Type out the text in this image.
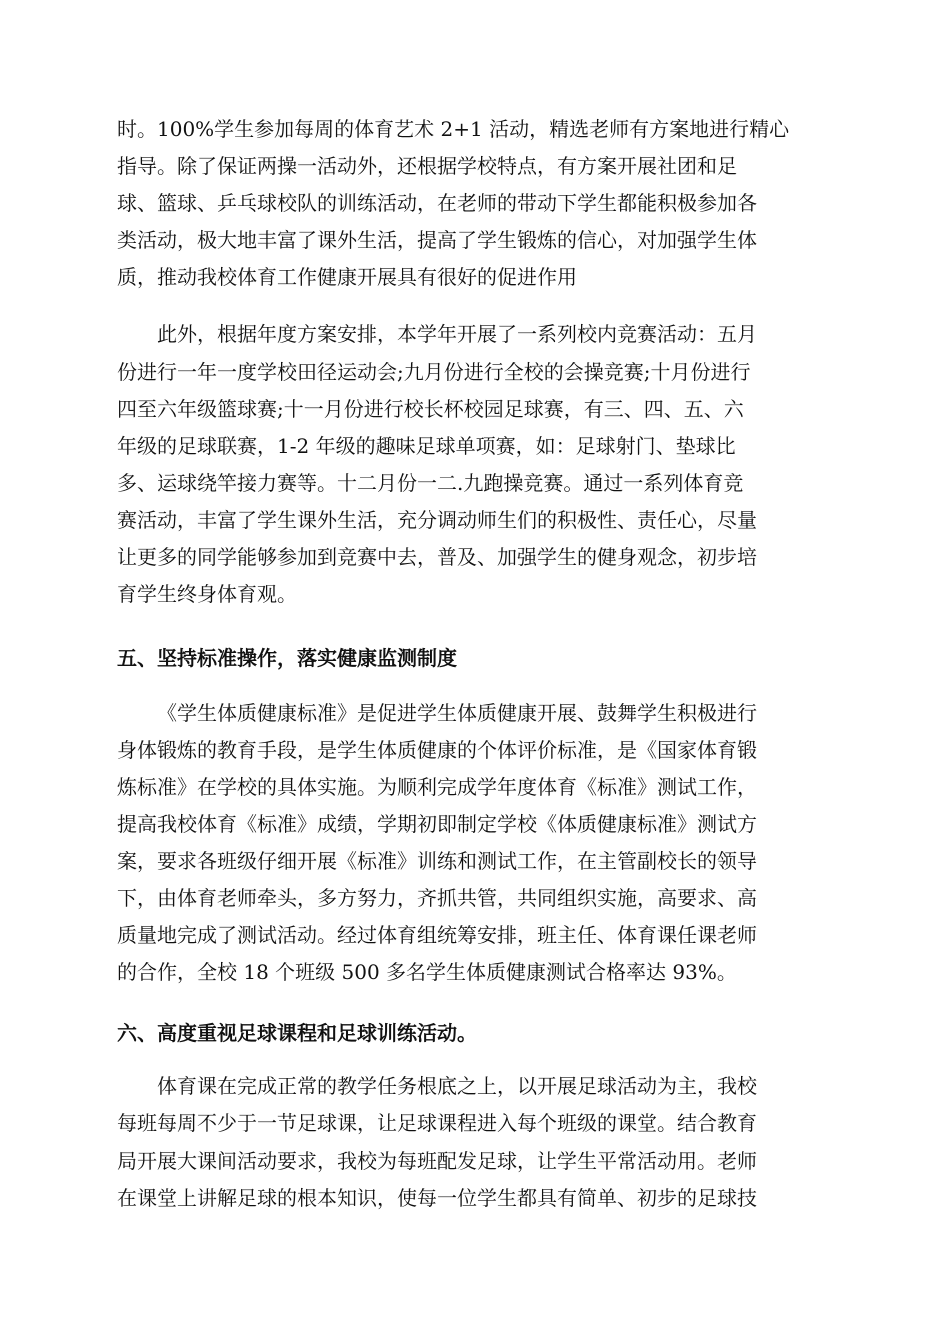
时。100%学生参加每周的体育艺术 2+1 活动，精选老师有方案地进行精心
指导。除了保证两操一活动外，还根据学校特点，有方案开展社团和足
球、篮球、乒乓球校队的训练活动，在老师的带动下学生都能积极参加各
类活动，极大地丰富了课外生活，提高了学生锻炼的信心，对加强学生体
质，推动我校体育工作健康开展具有很好的促进作用
此外，根据年度方案安排，本学年开展了一系列校内竞赛活动：五月
份进行一年一度学校田径运动会;九月份进行全校的会操竞赛;十月份进行
四至六年级篮球赛;十一月份进行校长杯校园足球赛，有三、四、五、六
年级的足球联赛，1-2 年级的趣味足球单项赛，如：足球射门、垫球比
多、运球绕竿接力赛等。十二月份一二.九跑操竞赛。通过一系列体育竞
赛活动，丰富了学生课外生活，充分调动师生们的积极性、责任心，尽量
让更多的同学能够参加到竞赛中去，普及、加强学生的健身观念，初步培
育学生终身体育观。
五、坚持标准操作，落实健康监测制度
《学生体质健康标准》是促进学生体质健康开展、鼓舞学生积极进行
身体锻炼的教育手段，是学生体质健康的个体评价标准，是《国家体育锻
炼标准》在学校的具体实施。为顺利完成学年度体育《标准》测试工作，
提高我校体育《标准》成绩，学期初即制定学校《体质健康标准》测试方
案，要求各班级仔细开展《标准》训练和测试工作，在主管副校长的领导
下，由体育老师牵头，多方努力，齐抓共管，共同组织实施，高要求、高
质量地完成了测试活动。经过体育组统筹安排，班主任、体育课任课老师
的合作，全校 18 个班级 500 多名学生体质健康测试合格率达 93%。
六、高度重视足球课程和足球训练活动。
体育课在完成正常的教学任务根底之上，以开展足球活动为主，我校
每班每周不少于一节足球课，让足球课程进入每个班级的课堂。结合教育
局开展大课间活动要求，我校为每班配发足球，让学生平常活动用。老师
在课堂上讲解足球的根本知识，使每一位学生都具有简单、初步的足球技
